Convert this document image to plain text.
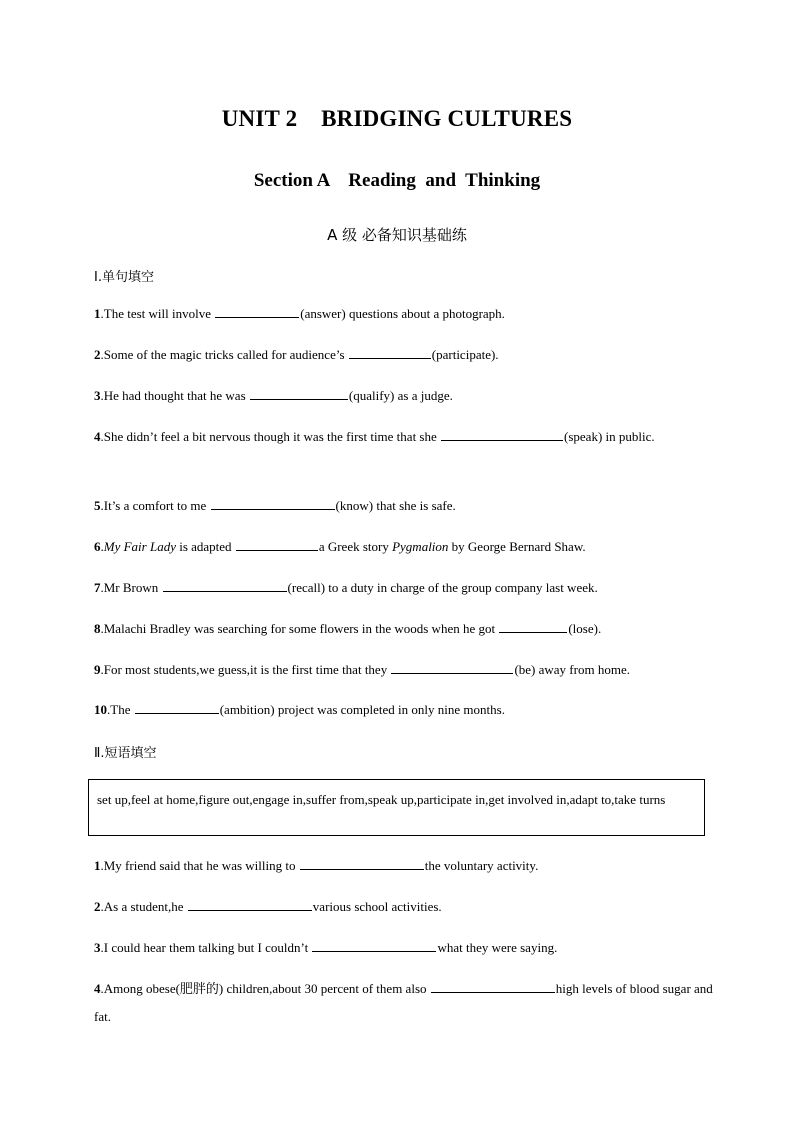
UNIT 2    BRIDGING CULTURES
Section A    Reading  and  Thinking
A 级 必备知识基础练
Ⅰ.单句填空
1.The test will involve	(answer) questions about a photograph.
2.Some of the magic tricks called for audience’s	(participate).
3.He had thought that he was	(qualify) as a judge.
4.She didn’t feel a bit nervous though it was the first time that she	(speak) in public.
5.It’s a comfort to me	(know) that she is safe.
6.My Fair Lady is adapted	a Greek story Pygmalion by George Bernard Shaw.
7.Mr Brown	(recall) to a duty in charge of the group company last week.
8.Malachi Bradley was searching for some flowers in the woods when he got	(lose).
9.For most students,we guess,it is the first time that they	(be) away from home.
10.The	(ambition) project was completed in only nine months.
Ⅱ.短语填空
set up,feel at home,figure out,engage in,suffer from,speak up,participate in,get involved in,adapt to,take turns
1.My friend said that he was willing to	the voluntary activity.
2.As a student,he	various school activities.
3.I could hear them talking but I couldn’t	what they were saying.
4.Among obese(肥胖的) children,about 30 percent of them also	high levels of blood sugar and fat.
